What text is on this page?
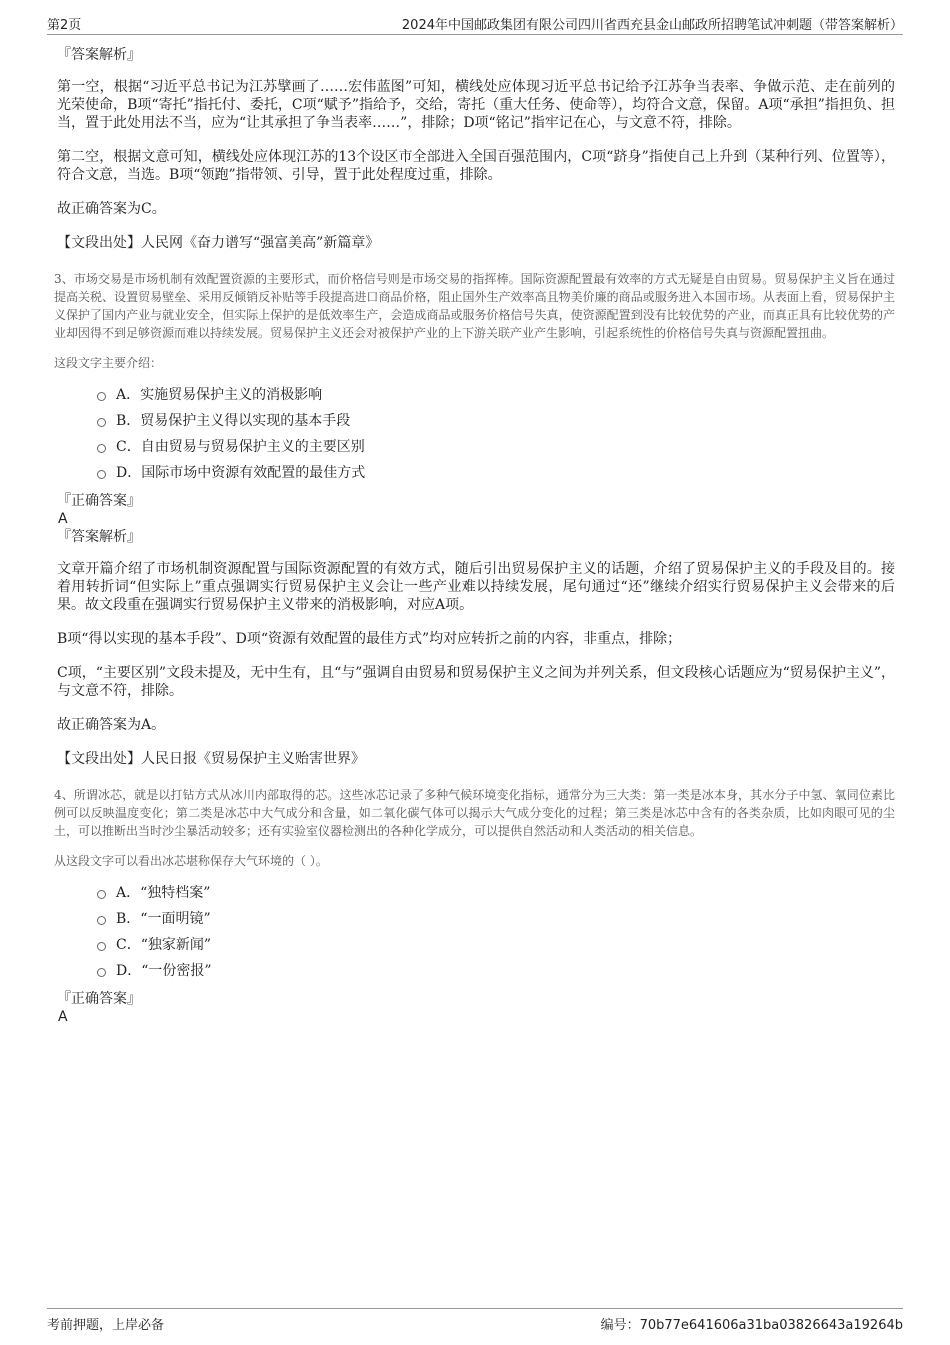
第2页	2024年中国邮政集团有限公司四川省西充县金山邮政所招聘笔试冲刺题（带答案解析）

『答案解析』

第一空，根据“习近平总书记为江苏擘画了……宏伟蓝图”可知，横线处应体现习近平总书记给予江苏争当表率、争做示范、走在前列的光荣使命，B项“寄托”指托付、委托，C项“赋予”指给予，交给，寄托（重大任务、使命等），均符合文意，保留。A项“承担”指担负、担当，置于此处用法不当，应为“让其承担了争当表率……”，排除；D项“铭记”指牢记在心，与文意不符，排除。

第二空，根据文意可知，横线处应体现江苏的13个设区市全部进入全国百强范围内，C项“跻身”指使自己上升到（某种行列、位置等），符合文意，当选。B项“领跑”指带领、引导，置于此处程度过重，排除。

故正确答案为C。

【文段出处】人民网《奋力谱写“强富美高”新篇章》

3、市场交易是市场机制有效配置资源的主要形式，而价格信号则是市场交易的指挥棒。国际资源配置最有效率的方式无疑是自由贸易。贸易保护主义旨在通过提高关税、设置贸易壁垒、采用反倾销反补贴等手段提高进口商品价格，阻止国外生产效率高且物美价廉的商品或服务进入本国市场。从表面上看，贸易保护主义保护了国内产业与就业安全，但实际上保护的是低效率生产，会造成商品或服务价格信号失真，使资源配置到没有比较优势的产业，而真正具有比较优势的产业却因得不到足够资源而难以持续发展。贸易保护主义还会对被保护产业的上下游关联产业产生影响，引起系统性的价格信号失真与资源配置扭曲。

这段文字主要介绍：

A．实施贸易保护主义的消极影响
B．贸易保护主义得以实现的基本手段
C．自由贸易与贸易保护主义的主要区别
D．国际市场中资源有效配置的最佳方式

『正确答案』

A

『答案解析』

文章开篇介绍了市场机制资源配置与国际资源配置的有效方式，随后引出贸易保护主义的话题，介绍了贸易保护主义的手段及目的。接着用转折词“但实际上”重点强调实行贸易保护主义会让一些产业难以持续发展，尾句通过“还”继续介绍实行贸易保护主义会带来的后果。故文段重在强调实行贸易保护主义带来的消极影响，对应A项。

B项“得以实现的基本手段”、D项“资源有效配置的最佳方式”均对应转折之前的内容，非重点，排除；

C项，“主要区别”文段未提及，无中生有，且“与”强调自由贸易和贸易保护主义之间为并列关系，但文段核心话题应为“贸易保护主义”，与文意不符，排除。

故正确答案为A。

【文段出处】人民日报《贸易保护主义贻害世界》

4、所谓冰芯，就是以打钻方式从冰川内部取得的芯。这些冰芯记录了多种气候环境变化指标，通常分为三大类：第一类是冰本身，其水分子中氢、氧同位素比例可以反映温度变化；第二类是冰芯中大气成分和含量，如二氧化碳气体可以揭示大气成分变化的过程；第三类是冰芯中含有的各类杂质，比如肉眼可见的尘土，可以推断出当时沙尘暴活动较多；还有实验室仪器检测出的各种化学成分，可以提供自然活动和人类活动的相关信息。

从这段文字可以看出冰芯堪称保存大气环境的（ ）。

A．“独特档案”
B．“一面明镜”
C．“独家新闻”
D．“一份密报”

『正确答案』

A

考前押题，上岸必备	编号：70b77e641606a31ba03826643a19264b
